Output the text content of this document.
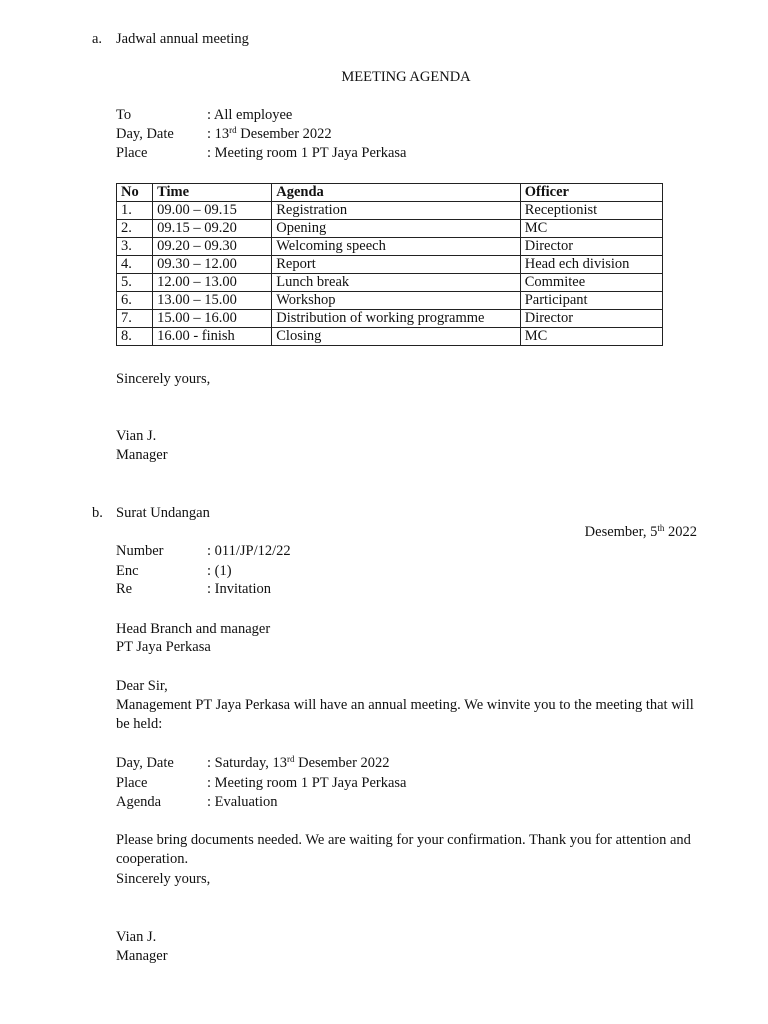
a. Jadwal annual meeting
MEETING AGENDA
To	: All employee
Day, Date : 13rd Desember 2022
Place	: Meeting room 1 PT Jaya Perkasa
No	Time	Agenda	Officer
1.	09.00 – 09.15	Registration	Receptionist
2.	09.15 – 09.20	Opening	MC
3.	09.20 – 09.30	Welcoming speech	Director
4.	09.30 – 12.00	Report	Head ech division
5.	12.00 – 13.00	Lunch break	Commitee
6.	13.00 – 15.00	Workshop	Participant
7.	15.00 – 16.00	Distribution of working programme	Director
8.	16.00 - finish	Closing	MC
Sincerely yours,
Vian J.
Manager
b. Surat Undangan
Desember, 5th 2022
Number	: 011/JP/12/22
Enc	: (1)
Re	: Invitation
Head Branch and manager
PT Jaya Perkasa
Dear Sir,
Management PT Jaya Perkasa will have an annual meeting. We winvite you to the meeting that will be held:
Day, Date : Saturday, 13rd Desember 2022
Place	: Meeting room 1 PT Jaya Perkasa
Agenda	: Evaluation
Please bring documents needed. We are waiting for your confirmation. Thank you for attention and cooperation.
Sincerely yours,
Vian J.
Manager
